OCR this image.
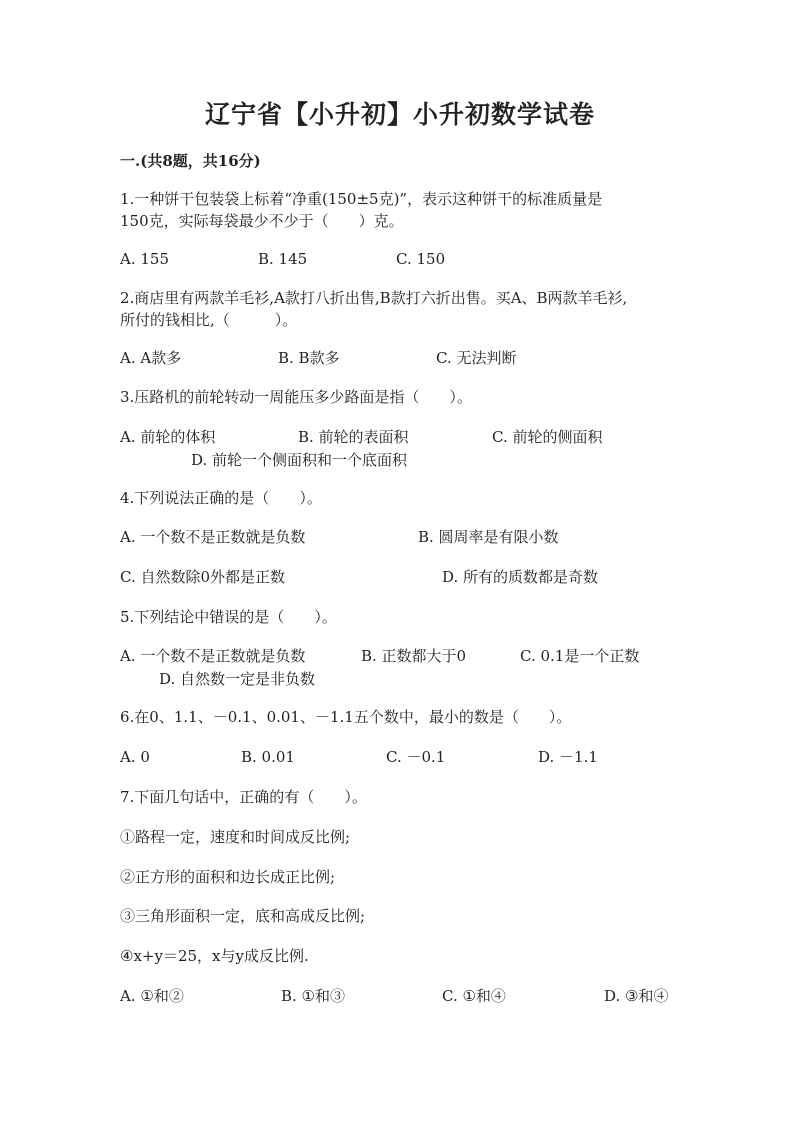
辽宁省【小升初】小升初数学试卷
一.(共8题，共16分)
1.一种饼干包装袋上标着“净重(150±5克)”，表示这种饼干的标准质量是
150克，实际每袋最少不少于（　　）克。
A. 155	B. 145	C. 150
2.商店里有两款羊毛衫,A款打八折出售,B款打六折出售。买A、B两款羊毛衫,
所付的钱相比,（　　　）。
A. A款多	B. B款多	C. 无法判断
3.压路机的前轮转动一周能压多少路面是指（　　）。
A. 前轮的体积	B. 前轮的表面积	C. 前轮的侧面积
D. 前轮一个侧面积和一个底面积
4.下列说法正确的是（　　）。
A. 一个数不是正数就是负数	B. 圆周率是有限小数
C. 自然数除0外都是正数	D. 所有的质数都是奇数
5.下列结论中错误的是（　　）。
A. 一个数不是正数就是负数	B. 正数都大于0	C. 0.1是一个正数
D. 自然数一定是非负数
6.在0、1.1、－0.1、0.01、－1.1五个数中，最小的数是（　　）。
A. 0	B. 0.01	C. －0.1	D. －1.1
7.下面几句话中，正确的有（　　）。
①路程一定，速度和时间成反比例;
②正方形的面积和边长成正比例;
③三角形面积一定，底和高成反比例;
④x+y＝25，x与y成反比例.
A. ①和②	B. ①和③	C. ①和④	D. ③和④
